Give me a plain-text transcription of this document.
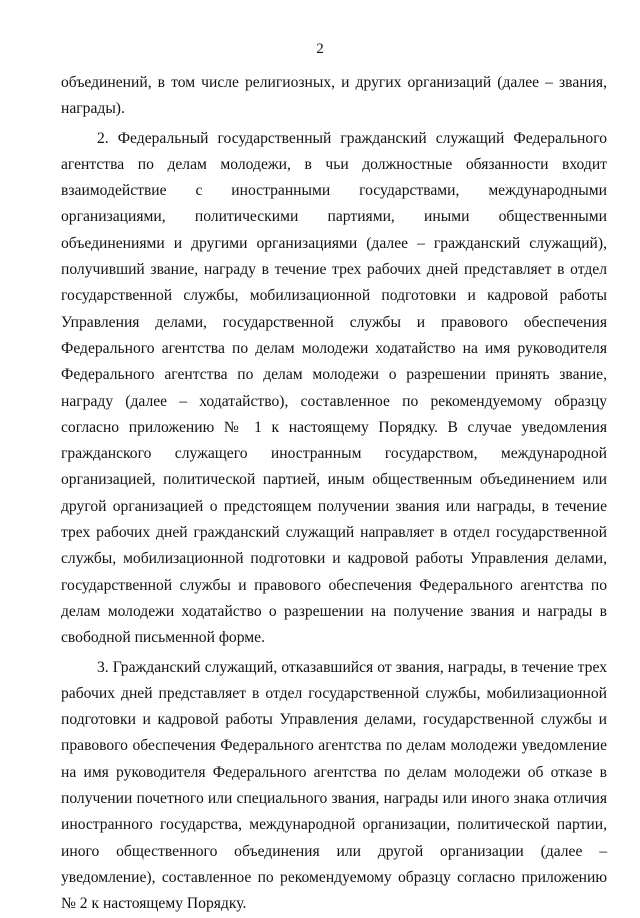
2

объединений, в том числе религиозных, и других организаций (далее – звания, награды).

2. Федеральный государственный гражданский служащий Федерального агентства по делам молодежи, в чьи должностные обязанности входит взаимодействие с иностранными государствами, международными организациями, политическими партиями, иными общественными объединениями и другими организациями (далее – гражданский служащий), получивший звание, награду в течение трех рабочих дней представляет в отдел государственной службы, мобилизационной подготовки и кадровой работы Управления делами, государственной службы и правового обеспечения Федерального агентства по делам молодежи ходатайство на имя руководителя Федерального агентства по делам молодежи о разрешении принять звание, награду (далее – ходатайство), составленное по рекомендуемому образцу согласно приложению № 1 к настоящему Порядку. В случае уведомления гражданского служащего иностранным государством, международной организацией, политической партией, иным общественным объединением или другой организацией о предстоящем получении звания или награды, в течение трех рабочих дней гражданский служащий направляет в отдел государственной службы, мобилизационной подготовки и кадровой работы Управления делами, государственной службы и правового обеспечения Федерального агентства по делам молодежи ходатайство о разрешении на получение звания и награды в свободной письменной форме.

3. Гражданский служащий, отказавшийся от звания, награды, в течение трех рабочих дней представляет в отдел государственной службы, мобилизационной подготовки и кадровой работы Управления делами, государственной службы и правового обеспечения Федерального агентства по делам молодежи уведомление на имя руководителя Федерального агентства по делам молодежи об отказе в получении почетного или специального звания, награды или иного знака отличия иностранного государства, международной организации, политической партии, иного общественного объединения или другой организации (далее – уведомление), составленное по рекомендуемому образцу согласно приложению № 2 к настоящему Порядку.
